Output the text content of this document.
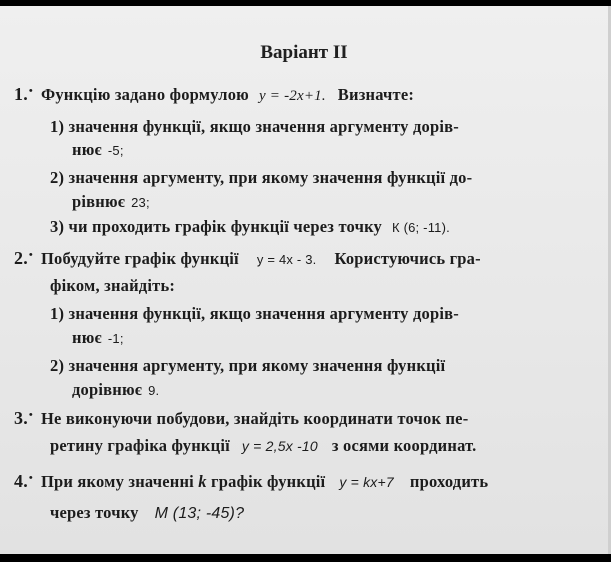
Варіант II
1.• Функцію задано формулою y = -2x+1. Визначте:
1) значення функції, якщо значення аргументу дорів-
нює -5;
2) значення аргументу, при якому значення функції до-
рівнює 23;
3) чи проходить графік функції через точку К (6; -11).
2.• Побудуйте графік функції y = 4x - 3. Користуючись гра-
фіком, знайдіть:
1) значення функції, якщо значення аргументу дорів-
нює -1;
2) значення аргументу, при якому значення функції
дорівнює 9.
3.• Не виконуючи побудови, знайдіть координати точок пе-
ретину графіка функції y = 2,5x -10 з осями координат.
4.• При якому значенні k графік функції y = kx+7 проходить
через точку М (13; -45)?
